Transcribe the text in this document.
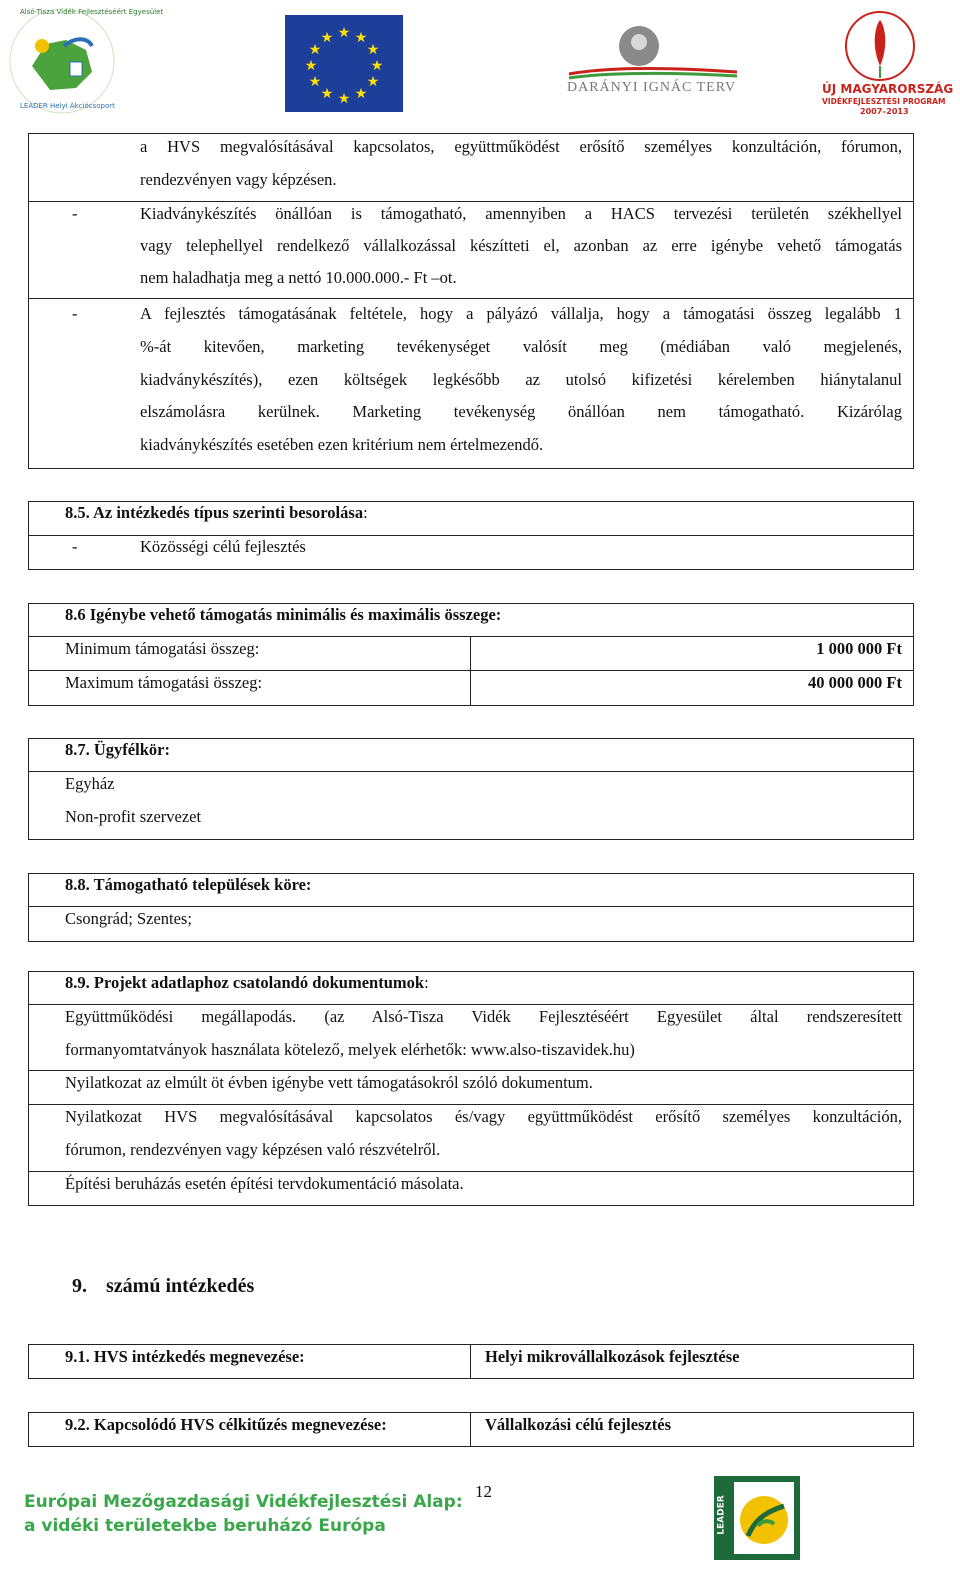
Alsó-Tisza Vidék Fejlesztéséért Egyesület
LEADER Helyi Akciócsoport
★ ★
★
★
★
★
★
★
★
★
★
★
DARÁNYI IGNÁC TERV	ÚJ MAGYARORSZÁG
VIDÉKFEJLESZTÉSI PROGRAM
2007–2013
a HVS megvalósításával kapcsolatos, együttműködést erősítő személyes konzultáción, fórumon,
rendezvényen vagy képzésen.
-	Kiadványkészítés önállóan is támogatható, amennyiben a HACS tervezési területén székhellyel
vagy telephellyel rendelkező vállalkozással készítteti el, azonban az erre igénybe vehető támogatás
nem haladhatja meg a nettó 10.000.000.- Ft –ot.
-	A fejlesztés támogatásának feltétele, hogy a pályázó vállalja, hogy a támogatási összeg legalább 1
%-át kitevően, marketing tevékenységet valósít meg (médiában való megjelenés,
kiadványkészítés), ezen költségek legkésőbb az utolsó kifizetési kérelemben hiánytalanul
elszámolásra kerülnek. Marketing tevékenység önállóan nem támogatható. Kizárólag
kiadványkészítés esetében ezen kritérium nem értelmezendő.
8.5. Az intézkedés típus szerinti besorolása:
-	Közösségi célú fejlesztés
8.6 Igénybe vehető támogatás minimális és maximális összege:
Minimum támogatási összeg:	1 000 000 Ft
Maximum támogatási összeg:	40 000 000 Ft
8.7. Ügyfélkör:
Egyház
Non-profit szervezet
8.8. Támogatható települések köre:
Csongrád; Szentes;
8.9. Projekt adatlaphoz csatolandó dokumentumok:
Együttműködési megállapodás. (az Alsó-Tisza Vidék Fejlesztéséért Egyesület által rendszeresített
formanyomtatványok használata kötelező, melyek elérhetők: www.also-tiszavidek.hu)
Nyilatkozat az elmúlt öt évben igénybe vett támogatásokról szóló dokumentum.
Nyilatkozat HVS megvalósításával kapcsolatos és/vagy együttműködést erősítő személyes konzultáción,
fórumon, rendezvényen vagy képzésen való részvételről.
Építési beruházás esetén építési tervdokumentáció másolata.
9. számú intézkedés
9.1. HVS intézkedés megnevezése:	Helyi mikrovállalkozások fejlesztése
9.2. Kapcsolódó HVS célkitűzés megnevezése:	Vállalkozási célú fejlesztés
Európai Mezőgazdasági Vidékfejlesztési Alap:
a vidéki területekbe beruházó Európa
12
LEADER
